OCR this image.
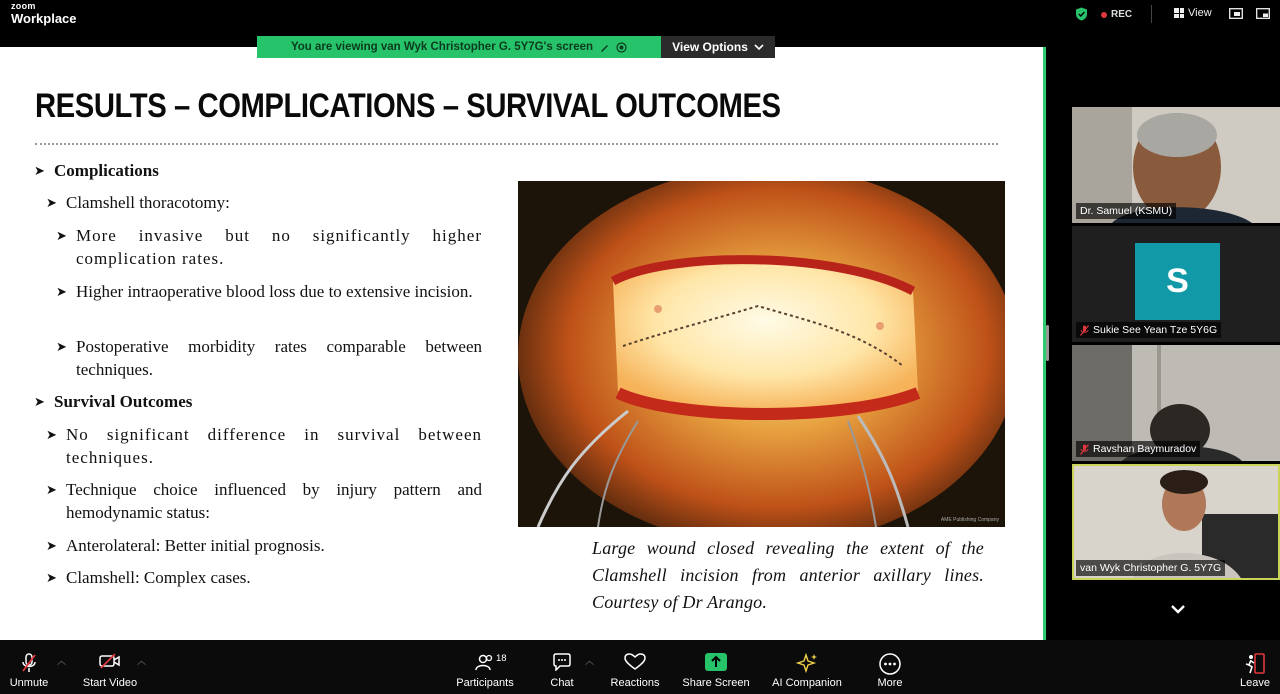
zoom
Workplace	REC	View
RESULTS – COMPLICATIONS – SURVIVAL OUTCOMES
➤ Complications
➤ Clamshell thoracotomy:
➤ More invasive but no significantly higher complication rates.
➤ Higher intraoperative blood loss due to extensive incision.
➤ Postoperative morbidity rates comparable between techniques.
➤ Survival Outcomes
➤ No significant difference in survival between techniques.
➤ Technique choice influenced by injury pattern and hemodynamic status:
➤ Anterolateral: Better initial prognosis.
➤ Clamshell: Complex cases.
AME Publishing Company
Large wound closed revealing the extent of the Clamshell incision from anterior axillary lines. Courtesy of Dr Arango.
You are viewing van Wyk Christopher G. 5Y7G's screen	View Options
Dr. Samuel (KSMU)
S
Sukie See Yean Tze 5Y6G
Ravshan Baymuradov
van Wyk Christopher G. 5Y7G
Unmute
︿
Start Video
︿
Participants
18
Chat
︿
Reactions Share Screen AI Companion	More	Leave
